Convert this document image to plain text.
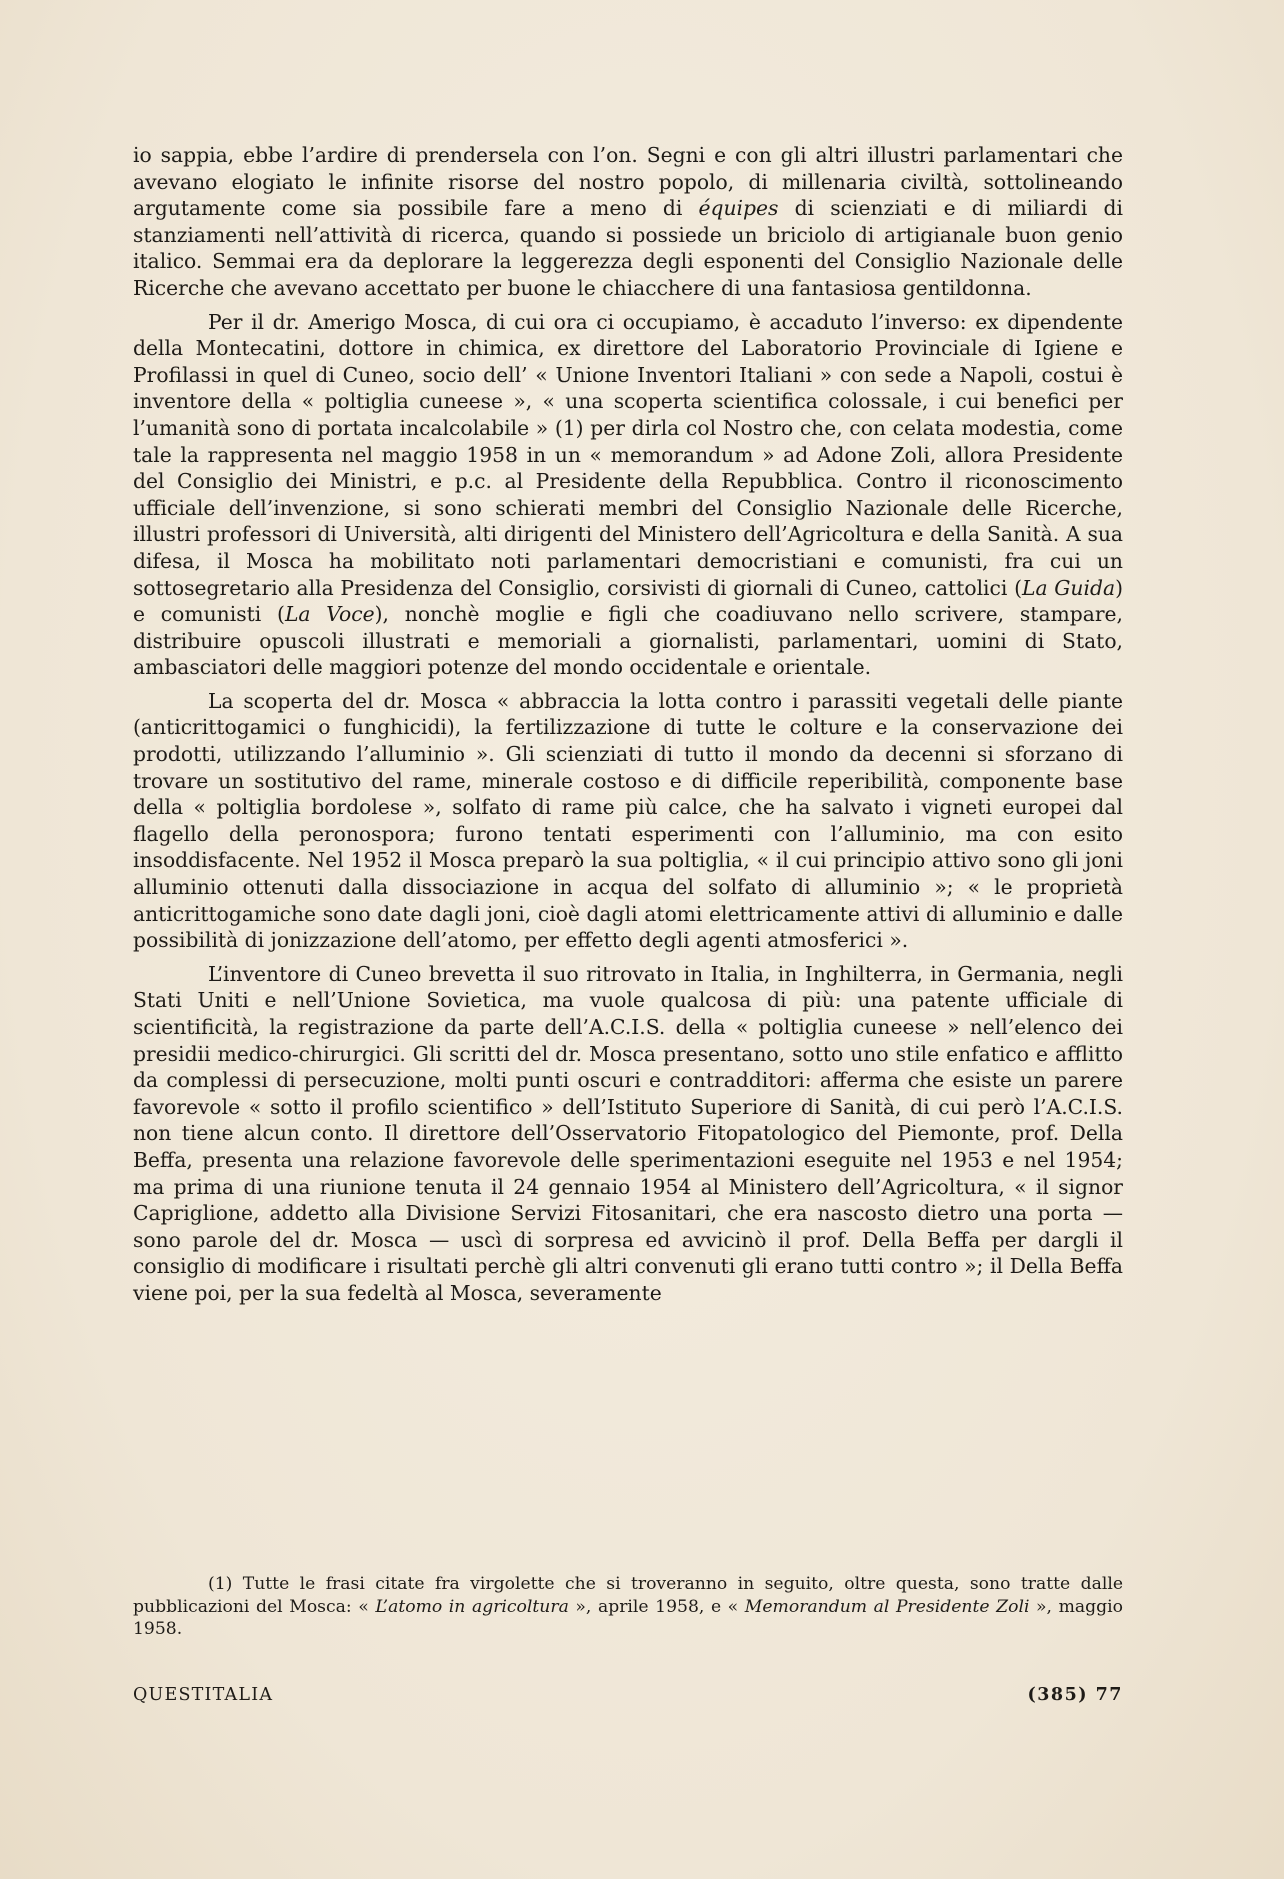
io sappia, ebbe l’ardire di prendersela con l’on. Segni e con gli altri illustri parlamentari che avevano elogiato le infinite risorse del nostro popolo, di millenaria civiltà, sottolineando argutamente come sia possibile fare a meno di équipes di scienziati e di miliardi di stanziamenti nell’attività di ricerca, quando si possiede un briciolo di artigianale buon genio italico. Semmai era da deplorare la leggerezza degli esponenti del Consiglio Nazionale delle Ricerche che avevano accettato per buone le chiacchere di una fantasiosa gentildonna.

Per il dr. Amerigo Mosca, di cui ora ci occupiamo, è accaduto l’inverso: ex dipendente della Montecatini, dottore in chimica, ex direttore del Laboratorio Provinciale di Igiene e Profilassi in quel di Cuneo, socio dell’ « Unione Inventori Italiani » con sede a Napoli, costui è inventore della « poltiglia cuneese », « una scoperta scientifica colossale, i cui benefici per l’umanità sono di portata incalcolabile » (1) per dirla col Nostro che, con celata modestia, come tale la rappresenta nel maggio 1958 in un « memorandum » ad Adone Zoli, allora Presidente del Consiglio dei Ministri, e p.c. al Presidente della Repubblica. Contro il riconoscimento ufficiale dell’invenzione, si sono schierati membri del Consiglio Nazionale delle Ricerche, illustri professori di Università, alti dirigenti del Ministero dell’Agricoltura e della Sanità. A sua difesa, il Mosca ha mobilitato noti parlamentari democristiani e comunisti, fra cui un sottosegretario alla Presidenza del Consiglio, corsivisti di giornali di Cuneo, cattolici (La Guida) e comunisti (La Voce), nonchè moglie e figli che coadiuvano nello scrivere, stampare, distribuire opuscoli illustrati e memoriali a giornalisti, parlamentari, uomini di Stato, ambasciatori delle maggiori potenze del mondo occidentale e orientale.

La scoperta del dr. Mosca « abbraccia la lotta contro i parassiti vegetali delle piante (anticrittogamici o funghicidi), la fertilizzazione di tutte le colture e la conservazione dei prodotti, utilizzando l’alluminio ». Gli scienziati di tutto il mondo da decenni si sforzano di trovare un sostitutivo del rame, minerale costoso e di difficile reperibilità, componente base della « poltiglia bordolese », solfato di rame più calce, che ha salvato i vigneti europei dal flagello della peronospora; furono tentati esperimenti con l’alluminio, ma con esito insoddisfacente. Nel 1952 il Mosca preparò la sua poltiglia, « il cui principio attivo sono gli joni alluminio ottenuti dalla dissociazione in acqua del solfato di alluminio »; « le proprietà anticrittogamiche sono date dagli joni, cioè dagli atomi elettricamente attivi di alluminio e dalle possibilità di jonizzazione dell’atomo, per effetto degli agenti atmosferici ».

L’inventore di Cuneo brevetta il suo ritrovato in Italia, in Inghilterra, in Germania, negli Stati Uniti e nell’Unione Sovietica, ma vuole qualcosa di più: una patente ufficiale di scientificità, la registrazione da parte dell’A.C.I.S. della « poltiglia cuneese » nell’elenco dei presidii medico-chirurgici. Gli scritti del dr. Mosca presentano, sotto uno stile enfatico e afflitto da complessi di persecuzione, molti punti oscuri e contradditori: afferma che esiste un parere favorevole « sotto il profilo scientifico » dell’Istituto Superiore di Sanità, di cui però l’A.C.I.S. non tiene alcun conto. Il direttore dell’Osservatorio Fitopatologico del Piemonte, prof. Della Beffa, presenta una relazione favorevole delle sperimentazioni eseguite nel 1953 e nel 1954; ma prima di una riunione tenuta il 24 gennaio 1954 al Ministero dell’Agricoltura, « il signor Capriglione, addetto alla Divisione Servizi Fitosanitari, che era nascosto dietro una porta — sono parole del dr. Mosca — uscì di sorpresa ed avvicinò il prof. Della Beffa per dargli il consiglio di modificare i risultati perchè gli altri convenuti gli erano tutti contro »; il Della Beffa viene poi, per la sua fedeltà al Mosca, severamente

(1) Tutte le frasi citate fra virgolette che si troveranno in seguito, oltre questa, sono tratte dalle pubblicazioni del Mosca: « L’atomo in agricoltura », aprile 1958, e « Memorandum al Presidente Zoli », maggio 1958.

QUESTITALIA	(385) 77
